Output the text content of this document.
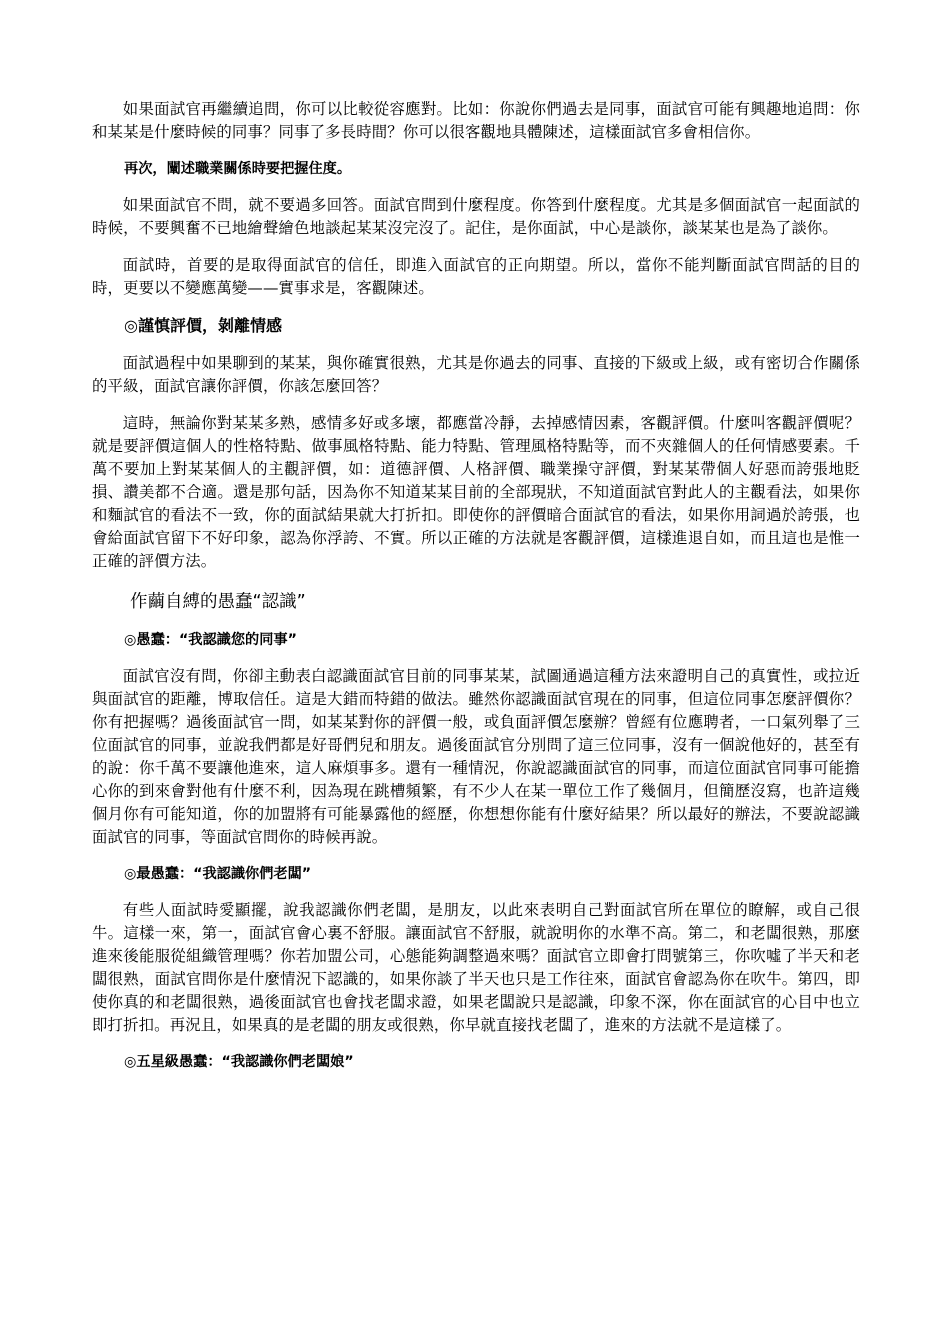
如果面試官再繼續追問，你可以比較從容應對。比如：你說你們過去是同事，面試官可能有興趣地追問：你和某某是什麼時候的同事？同事了多長時間？你可以很客觀地具體陳述，這樣面試官多會相信你。

再次，闡述職業關係時要把握住度。

如果面試官不問，就不要過多回答。面試官問到什麼程度。你答到什麼程度。尤其是多個面試官一起面試的時候，不要興奮不已地繪聲繪色地談起某某沒完沒了。記住，是你面試，中心是談你，談某某也是為了談你。

面試時，首要的是取得面試官的信任，即進入面試官的正向期望。所以，當你不能判斷面試官問話的目的時，更要以不變應萬變——實事求是，客觀陳述。

◎謹慎評價，剝離情感

面試過程中如果聊到的某某，與你確實很熟，尤其是你過去的同事、直接的下級或上級，或有密切合作關係的平級，面試官讓你評價，你該怎麼回答？

這時，無論你對某某多熟，感情多好或多壞，都應當冷靜，去掉感情因素，客觀評價。什麼叫客觀評價呢？就是要評價這個人的性格特點、做事風格特點、能力特點、管理風格特點等，而不夾雜個人的任何情感要素。千萬不要加上對某某個人的主觀評價，如：道德評價、人格評價、職業操守評價，對某某帶個人好惡而誇張地貶損、讚美都不合適。還是那句話，因為你不知道某某目前的全部現狀，不知道面試官對此人的主觀看法，如果你和麵試官的看法不一致，你的面試結果就大打折扣。即使你的評價暗合面試官的看法，如果你用詞過於誇張，也會給面試官留下不好印象，認為你浮誇、不實。所以正確的方法就是客觀評價，這樣進退自如，而且這也是惟一正確的評價方法。

作繭自縛的愚蠢“認識”
◎愚蠢：“我認識您的同事”

面試官沒有問，你卻主動表白認識面試官目前的同事某某，試圖通過這種方法來證明自己的真實性，或拉近與面試官的距離，博取信任。這是大錯而特錯的做法。雖然你認識面試官現在的同事，但這位同事怎麼評價你？你有把握嗎？過後面試官一問，如某某對你的評價一般，或負面評價怎麼辦？曾經有位應聘者，一口氣列舉了三位面試官的同事，並說我們都是好哥們兒和朋友。過後面試官分別問了這三位同事，沒有一個說他好的，甚至有的說：你千萬不要讓他進來，這人麻煩事多。還有一種情況，你說認識面試官的同事，而這位面試官同事可能擔心你的到來會對他有什麼不利，因為現在跳槽頻繁，有不少人在某一單位工作了幾個月，但簡歷沒寫，也許這幾個月你有可能知道，你的加盟將有可能暴露他的經歷，你想想你能有什麼好結果？所以最好的辦法，不要說認識面試官的同事，等面試官問你的時候再說。

◎最愚蠢：“我認識你們老闆”

有些人面試時愛顯擺，說我認識你們老闆，是朋友，以此來表明自己對面試官所在單位的瞭解，或自己很牛。這樣一來，第一，面試官會心裏不舒服。讓面試官不舒服，就說明你的水準不高。第二，和老闆很熟，那麼進來後能服從組織管理嗎？你若加盟公司，心態能夠調整過來嗎？面試官立即會打問號第三，你吹噓了半天和老闆很熟，面試官問你是什麼情況下認識的，如果你談了半天也只是工作往來，面試官會認為你在吹牛。第四，即使你真的和老闆很熟，過後面試官也會找老闆求證，如果老闆說只是認識，印象不深，你在面試官的心目中也立即打折扣。再況且，如果真的是老闆的朋友或很熟，你早就直接找老闆了，進來的方法就不是這樣了。

◎五星級愚蠢：“我認識你們老闆娘”
